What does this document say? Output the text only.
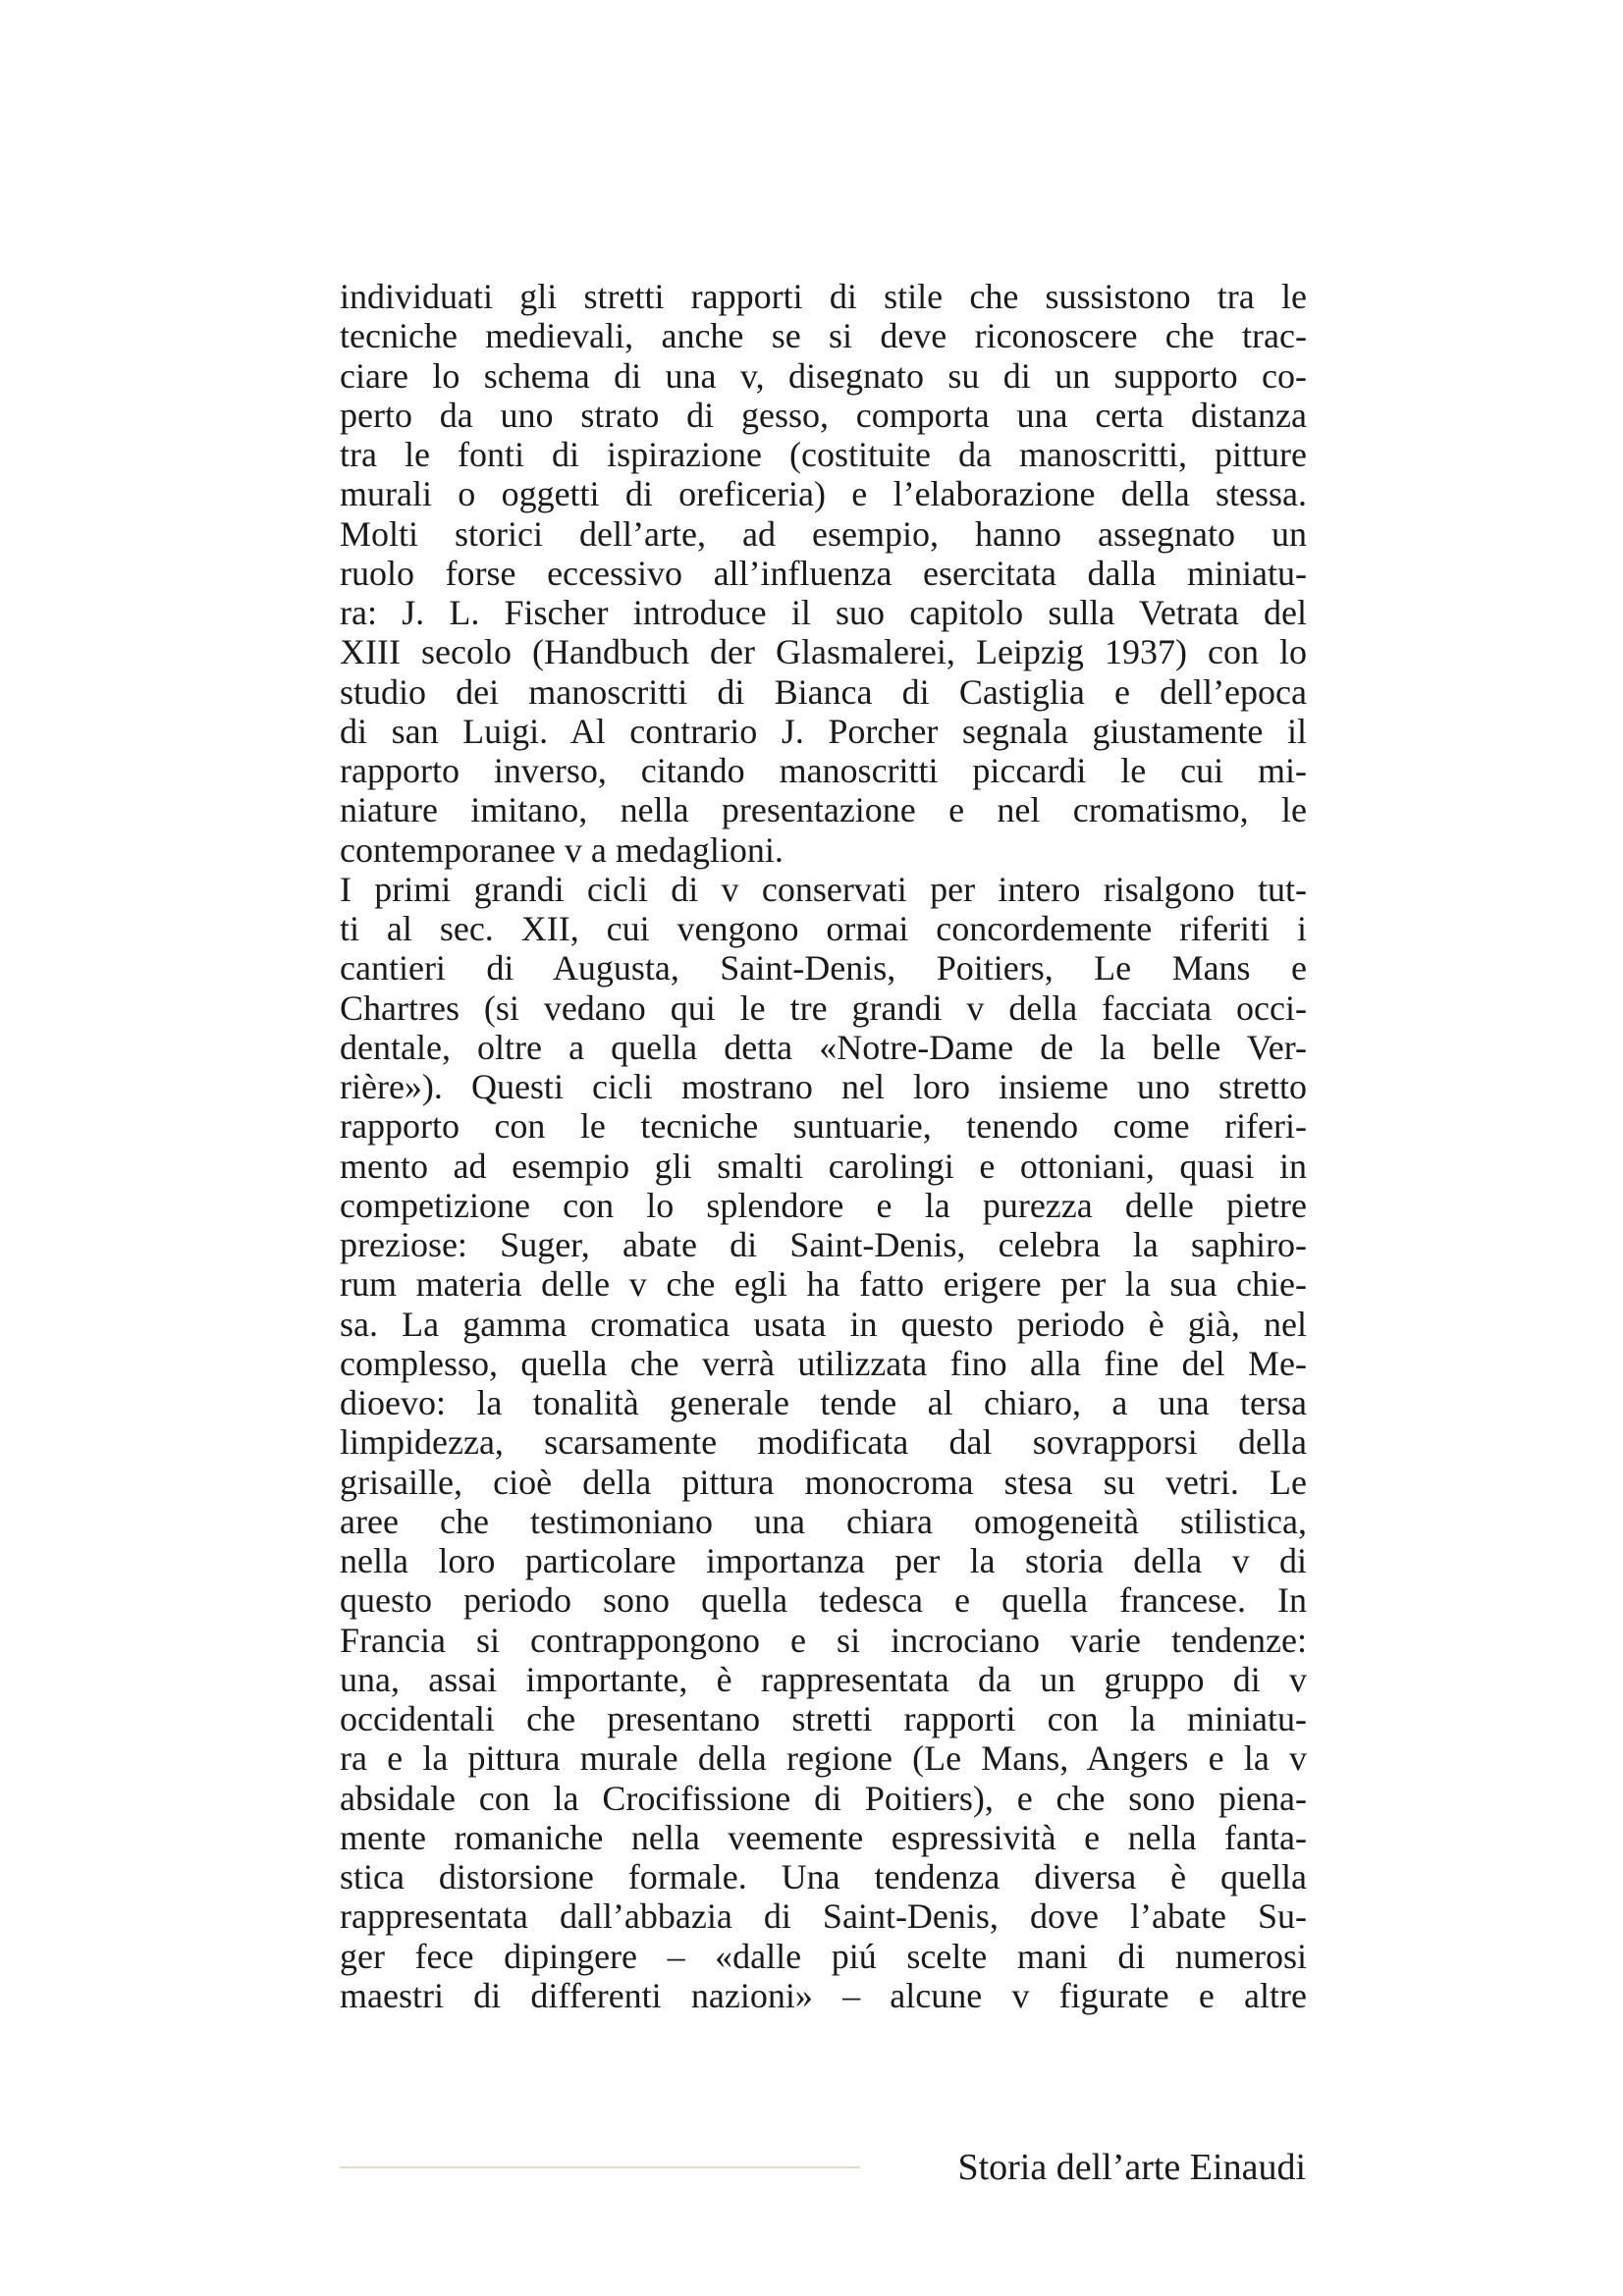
individuati gli stretti rapporti di stile che sussistono tra le
tecniche medievali, anche se si deve riconoscere che trac-
ciare lo schema di una v, disegnato su di un supporto co-
perto da uno strato di gesso, comporta una certa distanza
tra le fonti di ispirazione (costituite da manoscritti, pitture
murali o oggetti di oreficeria) e l’elaborazione della stessa.
Molti storici dell’arte, ad esempio, hanno assegnato un
ruolo forse eccessivo all’influenza esercitata dalla miniatu-
ra: J. L. Fischer introduce il suo capitolo sulla Vetrata del
XIII secolo (Handbuch der Glasmalerei, Leipzig 1937) con lo
studio dei manoscritti di Bianca di Castiglia e dell’epoca
di san Luigi. Al contrario J. Porcher segnala giustamente il
rapporto inverso, citando manoscritti piccardi le cui mi-
niature imitano, nella presentazione e nel cromatismo, le
contemporanee v a medaglioni.
I primi grandi cicli di v conservati per intero risalgono tut-
ti al sec. XII, cui vengono ormai concordemente riferiti i
cantieri di Augusta, Saint-Denis, Poitiers, Le Mans e
Chartres (si vedano qui le tre grandi v della facciata occi-
dentale, oltre a quella detta «Notre-Dame de la belle Ver-
rière»). Questi cicli mostrano nel loro insieme uno stretto
rapporto con le tecniche suntuarie, tenendo come riferi-
mento ad esempio gli smalti carolingi e ottoniani, quasi in
competizione con lo splendore e la purezza delle pietre
preziose: Suger, abate di Saint-Denis, celebra la saphiro-
rum materia delle v che egli ha fatto erigere per la sua chie-
sa. La gamma cromatica usata in questo periodo è già, nel
complesso, quella che verrà utilizzata fino alla fine del Me-
dioevo: la tonalità generale tende al chiaro, a una tersa
limpidezza, scarsamente modificata dal sovrapporsi della
grisaille, cioè della pittura monocroma stesa su vetri. Le
aree che testimoniano una chiara omogeneità stilistica,
nella loro particolare importanza per la storia della v di
questo periodo sono quella tedesca e quella francese. In
Francia si contrappongono e si incrociano varie tendenze:
una, assai importante, è rappresentata da un gruppo di v
occidentali che presentano stretti rapporti con la miniatu-
ra e la pittura murale della regione (Le Mans, Angers e la v
absidale con la Crocifissione di Poitiers), e che sono piena-
mente romaniche nella veemente espressività e nella fanta-
stica distorsione formale. Una tendenza diversa è quella
rappresentata dall’abbazia di Saint-Denis, dove l’abate Su-
ger fece dipingere – «dalle piú scelte mani di numerosi
maestri di differenti nazioni» – alcune v figurate e altre
Storia dell’arte Einaudi
